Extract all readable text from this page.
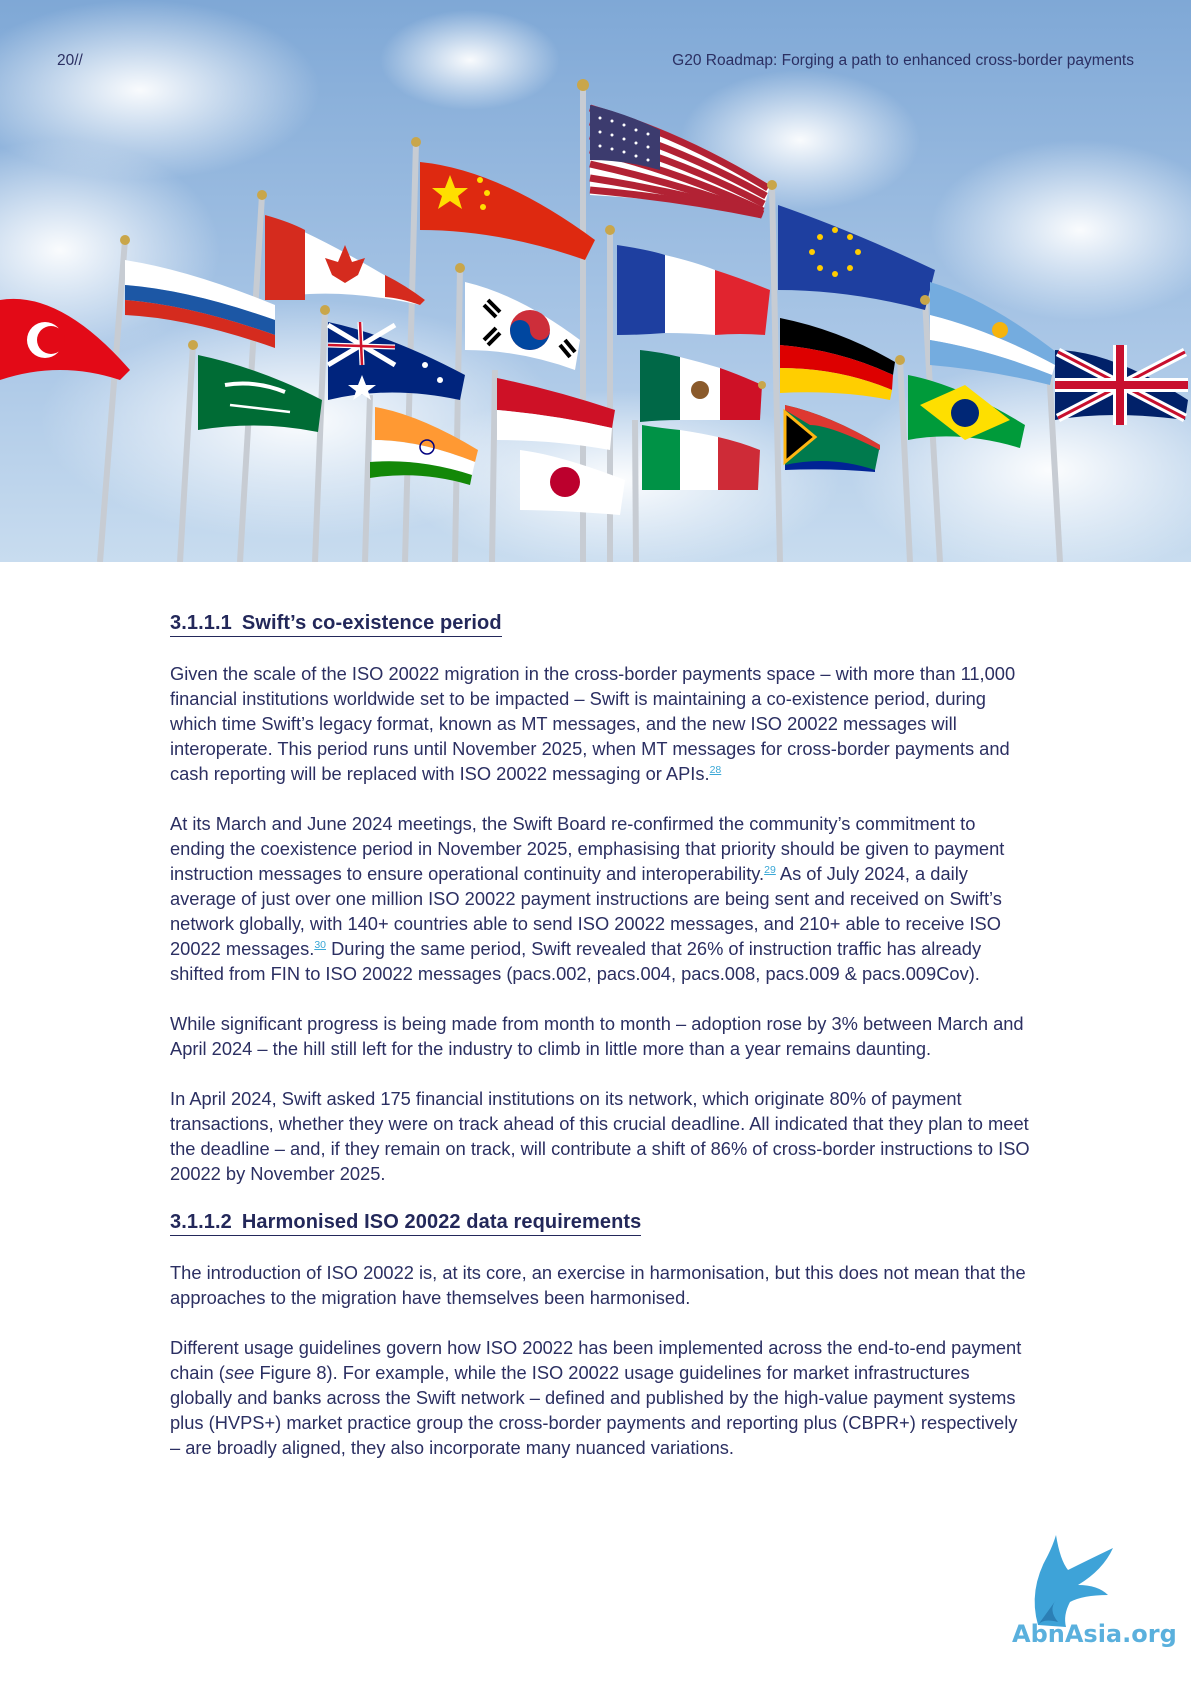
20//	G20 Roadmap: Forging a path to enhanced cross-border payments
3.1.1.1 Swift’s co-existence period

Given the scale of the ISO 20022 migration in the cross-border payments space – with more than 11,000 financial institutions worldwide set to be impacted – Swift is maintaining a co-existence period, during which time Swift’s legacy format, known as MT messages, and the new ISO 20022 messages will interoperate. This period runs until November 2025, when MT messages for cross-border payments and cash reporting will be replaced with ISO 20022 messaging or APIs.$^{28}$

At its March and June 2024 meetings, the Swift Board re-confirmed the community’s commitment to ending the coexistence period in November 2025, emphasising that priority should be given to payment instruction messages to ensure operational continuity and interoperability.$^{29}$ As of July 2024, a daily average of just over one million ISO 20022 payment instructions are being sent and received on Swift’s network globally, with 140+ countries able to send ISO 20022 messages, and 210+ able to receive ISO 20022 messages.$^{30}$ During the same period, Swift revealed that 26% of instruction traffic has already shifted from FIN to ISO 20022 messages (pacs.002, pacs.004, pacs.008, pacs.009 & pacs.009Cov).

While significant progress is being made from month to month – adoption rose by 3% between March and April 2024 – the hill still left for the industry to climb in little more than a year remains daunting.

In April 2024, Swift asked 175 financial institutions on its network, which originate 80% of payment transactions, whether they were on track ahead of this crucial deadline. All indicated that they plan to meet the deadline – and, if they remain on track, will contribute a shift of 86% of cross-border instructions to ISO 20022 by November 2025.

3.1.1.2 Harmonised ISO 20022 data requirements

The introduction of ISO 20022 is, at its core, an exercise in harmonisation, but this does not mean that the approaches to the migration have themselves been harmonised.

Different usage guidelines govern how ISO 20022 has been implemented across the end-to-end payment chain (see Figure 8). For example, while the ISO 20022 usage guidelines for market infrastructures globally and banks across the Swift network – defined and published by the high-value payment systems plus (HVPS+) market practice group the cross-border payments and reporting plus (CBPR+) respectively – are broadly aligned, they also incorporate many nuanced variations.

AbnAsia.org
